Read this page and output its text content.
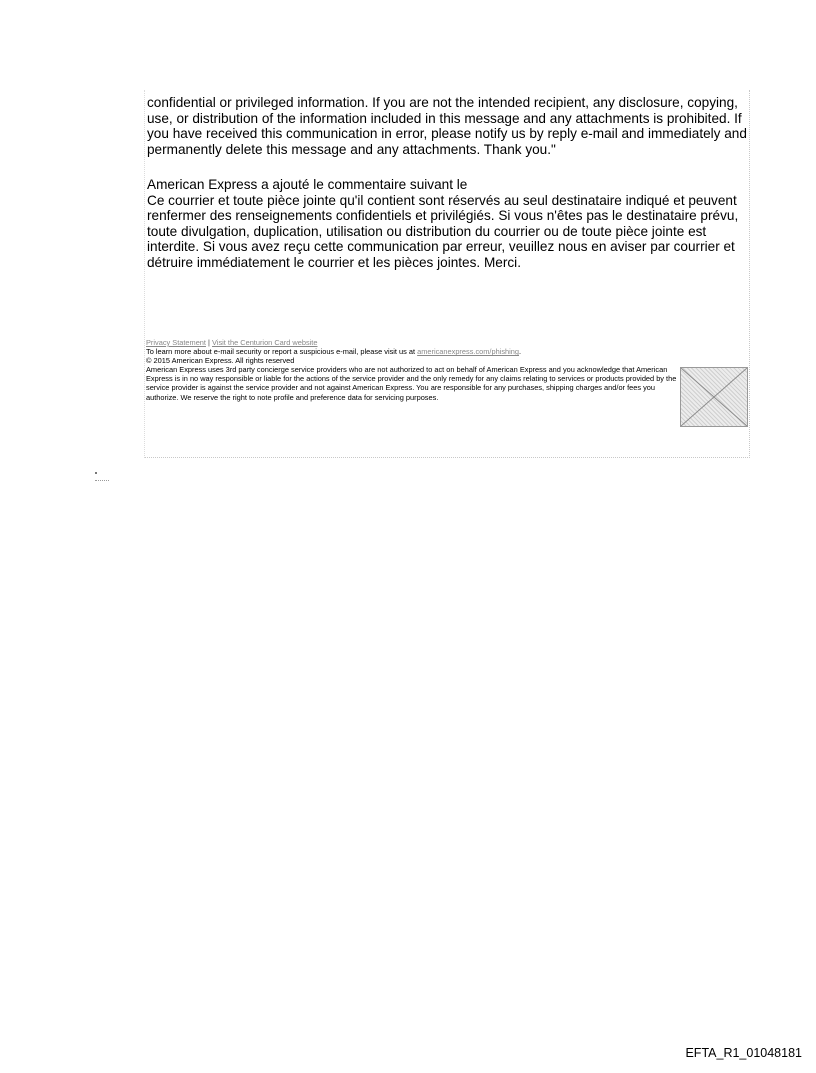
confidential or privileged information. If you are not the intended recipient, any disclosure, copying, use, or distribution of the information included in this message and any attachments is prohibited. If you have received this communication in error, please notify us by reply e-mail and immediately and permanently delete this message and any attachments. Thank you."

American Express a ajouté le commentaire suivant le
Ce courrier et toute pièce jointe qu'il contient sont réservés au seul destinataire indiqué et peuvent renfermer des renseignements confidentiels et privilégiés. Si vous n'êtes pas le destinataire prévu, toute divulgation, duplication, utilisation ou distribution du courrier ou de toute pièce jointe est interdite. Si vous avez reçu cette communication par erreur, veuillez nous en aviser par courrier et détruire immédiatement le courrier et les pièces jointes. Merci.
Privacy Statement | Visit the Centurion Card website
To learn more about e-mail security or report a suspicious e-mail, please visit us at americanexpress.com/phishing.
© 2015 American Express. All rights reserved
American Express uses 3rd party concierge service providers who are not authorized to act on behalf of American Express and you acknowledge that American Express is in no way responsible or liable for the actions of the service provider and the only remedy for any claims relating to services or products provided by the service provider is against the service provider and not against American Express. You are responsible for any purchases, shipping charges and/or fees you authorize. We reserve the right to note profile and preference data for servicing purposes.
EFTA_R1_01048181
